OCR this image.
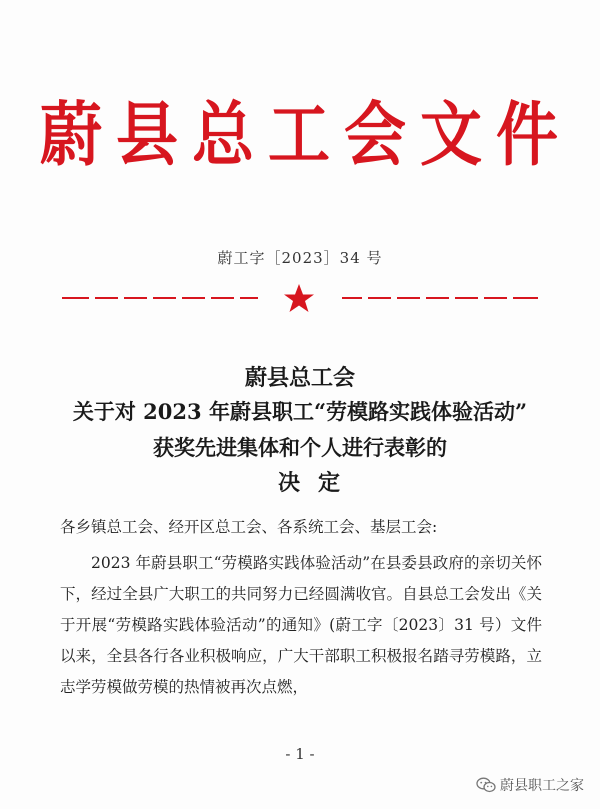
蔚县总工会文件
蔚工字［2023］34 号
蔚县总工会
关于对 2023 年蔚县职工“劳模路实践体验活动”
获奖先进集体和个人进行表彰的
决定
各乡镇总工会、经开区总工会、各系统工会、基层工会:
2023 年蔚县职工“劳模路实践体验活动”在县委县政府的亲切关怀下，经过全县广大职工的共同努力已经圆满收官。自县总工会发出《关于开展“劳模路实践体验活动”的通知》(蔚工字〔2023〕31 号）文件以来，全县各行各业积极响应，广大干部职工积极报名踏寻劳模路，立志学劳模做劳模的热情被再次点燃，
- 1 -
蔚县职工之家
